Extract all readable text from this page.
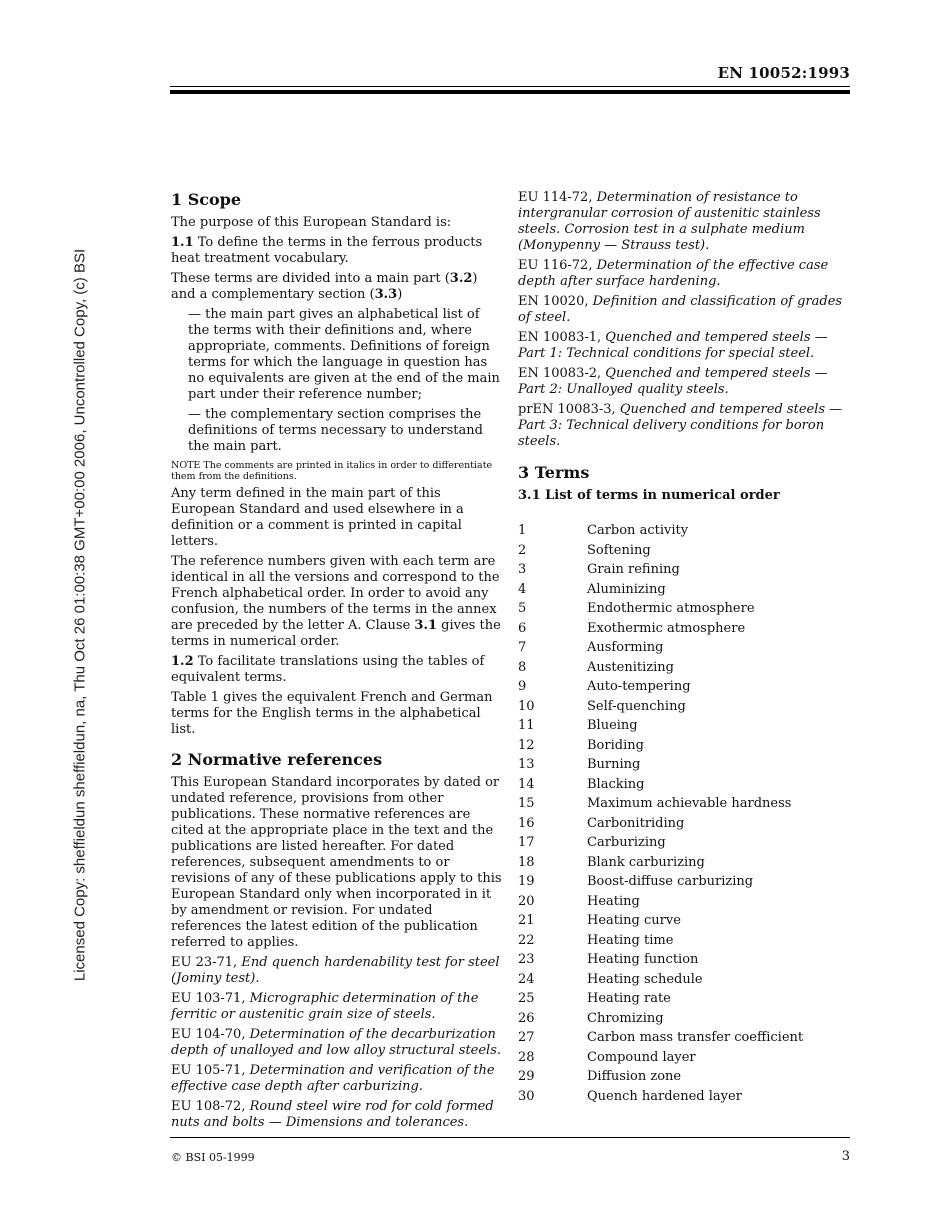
EN 10052:1993
Licensed Copy: sheffieldun sheffieldun, na, Thu Oct 26 01:00:38 GMT+00:00 2006, Uncontrolled Copy, (c) BSI
1 Scope

The purpose of this European Standard is:

1.1 To define the terms in the ferrous products heat treatment vocabulary.

These terms are divided into a main part (3.2) and a complementary section (3.3)

— the main part gives an alphabetical list of the terms with their definitions and, where appropriate, comments. Definitions of foreign terms for which the language in question has no equivalents are given at the end of the main part under their reference number;

— the complementary section comprises the definitions of terms necessary to understand the main part.

NOTE The comments are printed in italics in order to differentiate them from the definitions.

Any term defined in the main part of this European Standard and used elsewhere in a definition or a comment is printed in capital letters.

The reference numbers given with each term are identical in all the versions and correspond to the French alphabetical order. In order to avoid any confusion, the numbers of the terms in the annex are preceded by the letter A. Clause 3.1 gives the terms in numerical order.

1.2 To facilitate translations using the tables of equivalent terms.

Table 1 gives the equivalent French and German terms for the English terms in the alphabetical list.

2 Normative references

This European Standard incorporates by dated or undated reference, provisions from other publications. These normative references are cited at the appropriate place in the text and the publications are listed hereafter. For dated references, subsequent amendments to or revisions of any of these publications apply to this European Standard only when incorporated in it by amendment or revision. For undated references the latest edition of the publication referred to applies.

EU 23-71, End quench hardenability test for steel (Jominy test).

EU 103-71, Micrographic determination of the ferritic or austenitic grain size of steels.

EU 104-70, Determination of the decarburization depth of unalloyed and low alloy structural steels.

EU 105-71, Determination and verification of the effective case depth after carburizing.

EU 108-72, Round steel wire rod for cold formed nuts and bolts — Dimensions and tolerances.

EU 114-72, Determination of resistance to intergranular corrosion of austenitic stainless steels. Corrosion test in a sulphate medium (Monypenny — Strauss test).

EU 116-72, Determination of the effective case depth after surface hardening.

EN 10020, Definition and classification of grades of steel.

EN 10083-1, Quenched and tempered steels — Part 1: Technical conditions for special steel.

EN 10083-2, Quenched and tempered steels — Part 2: Unalloyed quality steels.

prEN 10083-3, Quenched and tempered steels — Part 3: Technical delivery conditions for boron steels.

3 Terms
3.1 List of terms in numerical order
1	Carbon activity
2	Softening
3	Grain refining
4	Aluminizing
5	Endothermic atmosphere
6	Exothermic atmosphere
7	Ausforming
8	Austenitizing
9	Auto-tempering
10	Self-quenching
11	Blueing
12	Boriding
13	Burning
14	Blacking
15	Maximum achievable hardness
16	Carbonitriding
17	Carburizing
18	Blank carburizing
19	Boost-diffuse carburizing
20	Heating
21	Heating curve
22	Heating time
23	Heating function
24	Heating schedule
25	Heating rate
26	Chromizing
27	Carbon mass transfer coefficient
28	Compound layer
29	Diffusion zone
30	Quench hardened layer
© BSI 05-1999	3
